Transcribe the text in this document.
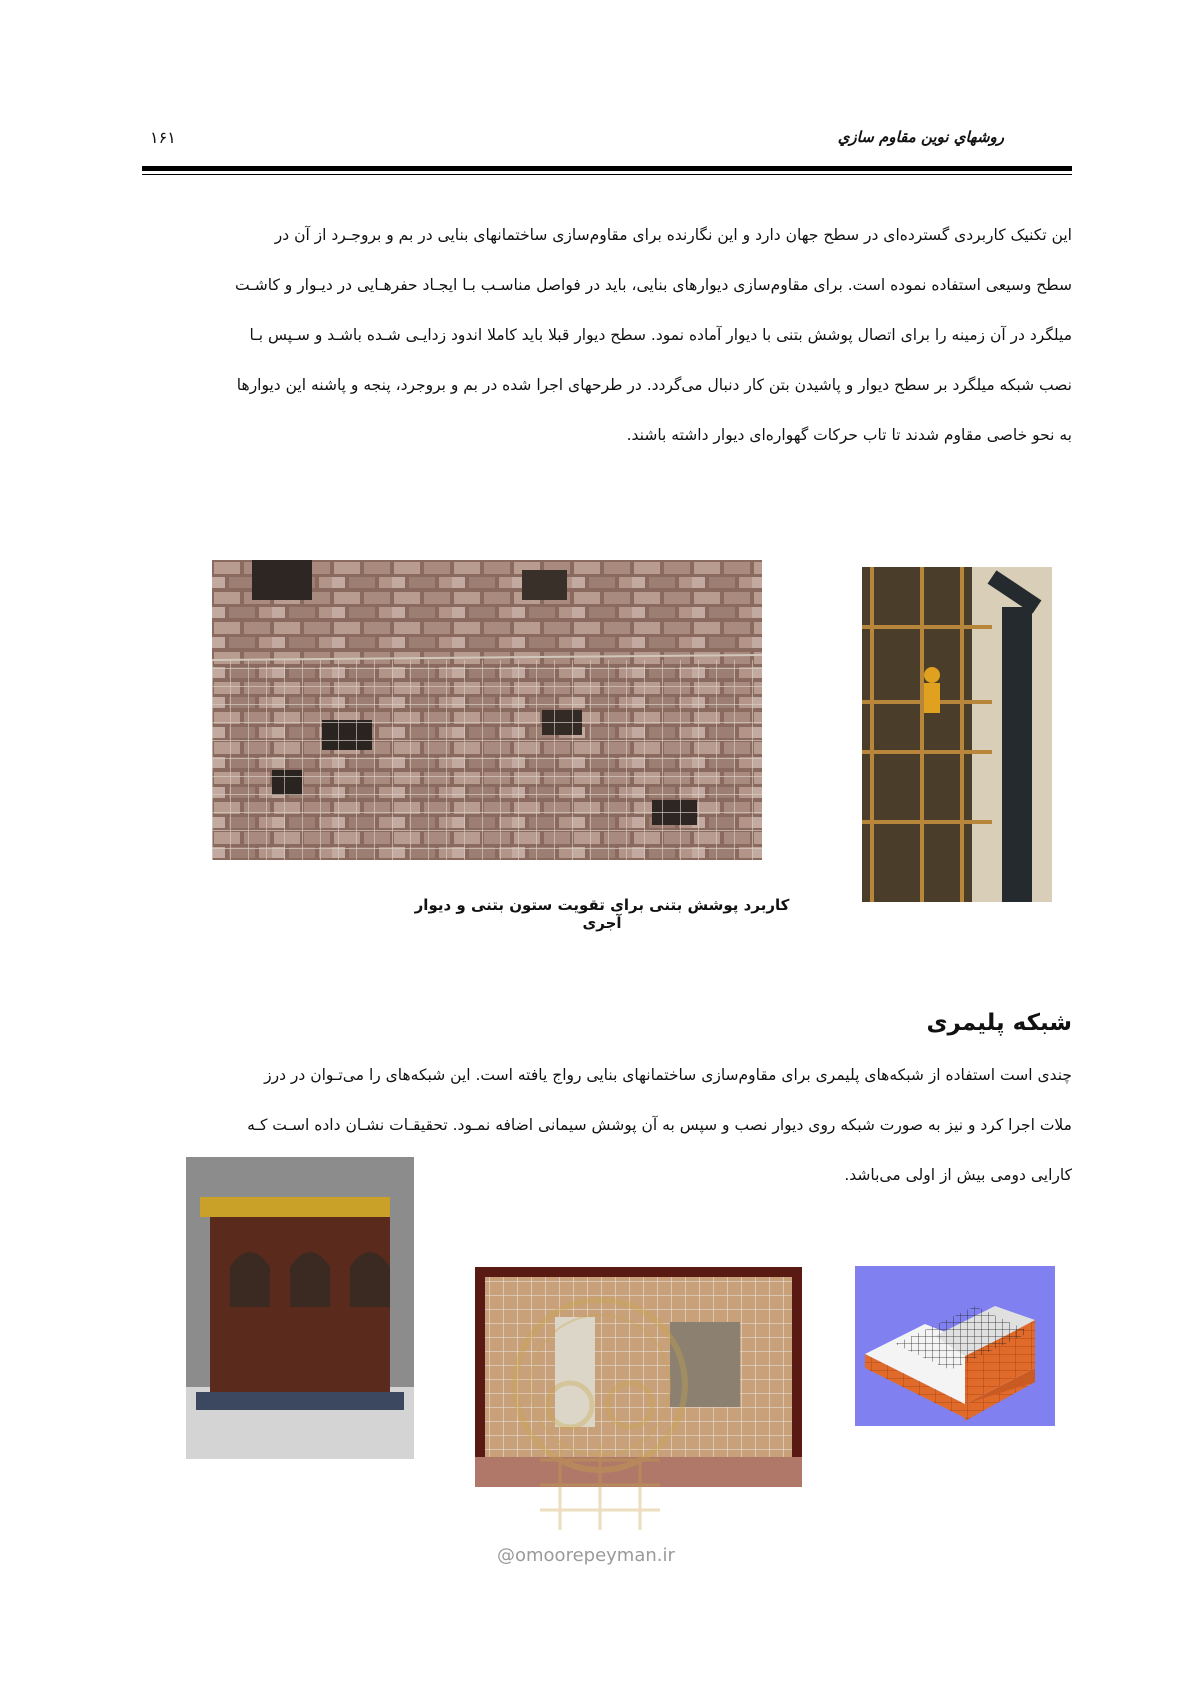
روشهاي نوين مقاوم سازي
۱۶۱

این تکنیک کاربردی گسترده‌ای در سطح جهان دارد و این نگارنده برای مقاوم‌سازی ساختمانهای بنایی در بم و بروجـرد از آن در

سطح وسیعی استفاده نموده است. برای مقاوم‌سازی دیوارهای بنایی، باید در فواصل مناسـب بـا ایجـاد حفرهـایی در دیـوار و کاشـت

میلگرد در آن زمینه را برای اتصال پوشش بتنی با دیوار آماده نمود. سطح دیوار قبلا باید کاملا اندود زدایـی شـده باشـد و سـپس بـا

نصب شبکه میلگرد بر سطح دیوار و پاشیدن بتن کار دنبال می‌گردد. در طرحهای اجرا شده در بم و بروجرد، پنجه و پاشنه این دیوارها

به نحو خاصی مقاوم شدند تا تاب حرکات گهواره‌ای دیوار داشته باشند.

کاربرد پوشش بتنی برای تقویت ستون بتنی و دیوار آجری
شبکه پلیمری

چندی است استفاده از شبکه‌های پلیمری برای مقاوم‌سازی ساختمانهای بنایی رواج یافته است. این شبکه‌های را می‌تـوان در درز

ملات اجرا کرد و نیز به صورت شبکه روی دیوار نصب و سپس به آن پوشش سیمانی اضافه نمـود. تحقیقـات نشـان داده اسـت کـه

کارایی دومی بیش از اولی می‌باشد.

@omoorepeyman.ir
